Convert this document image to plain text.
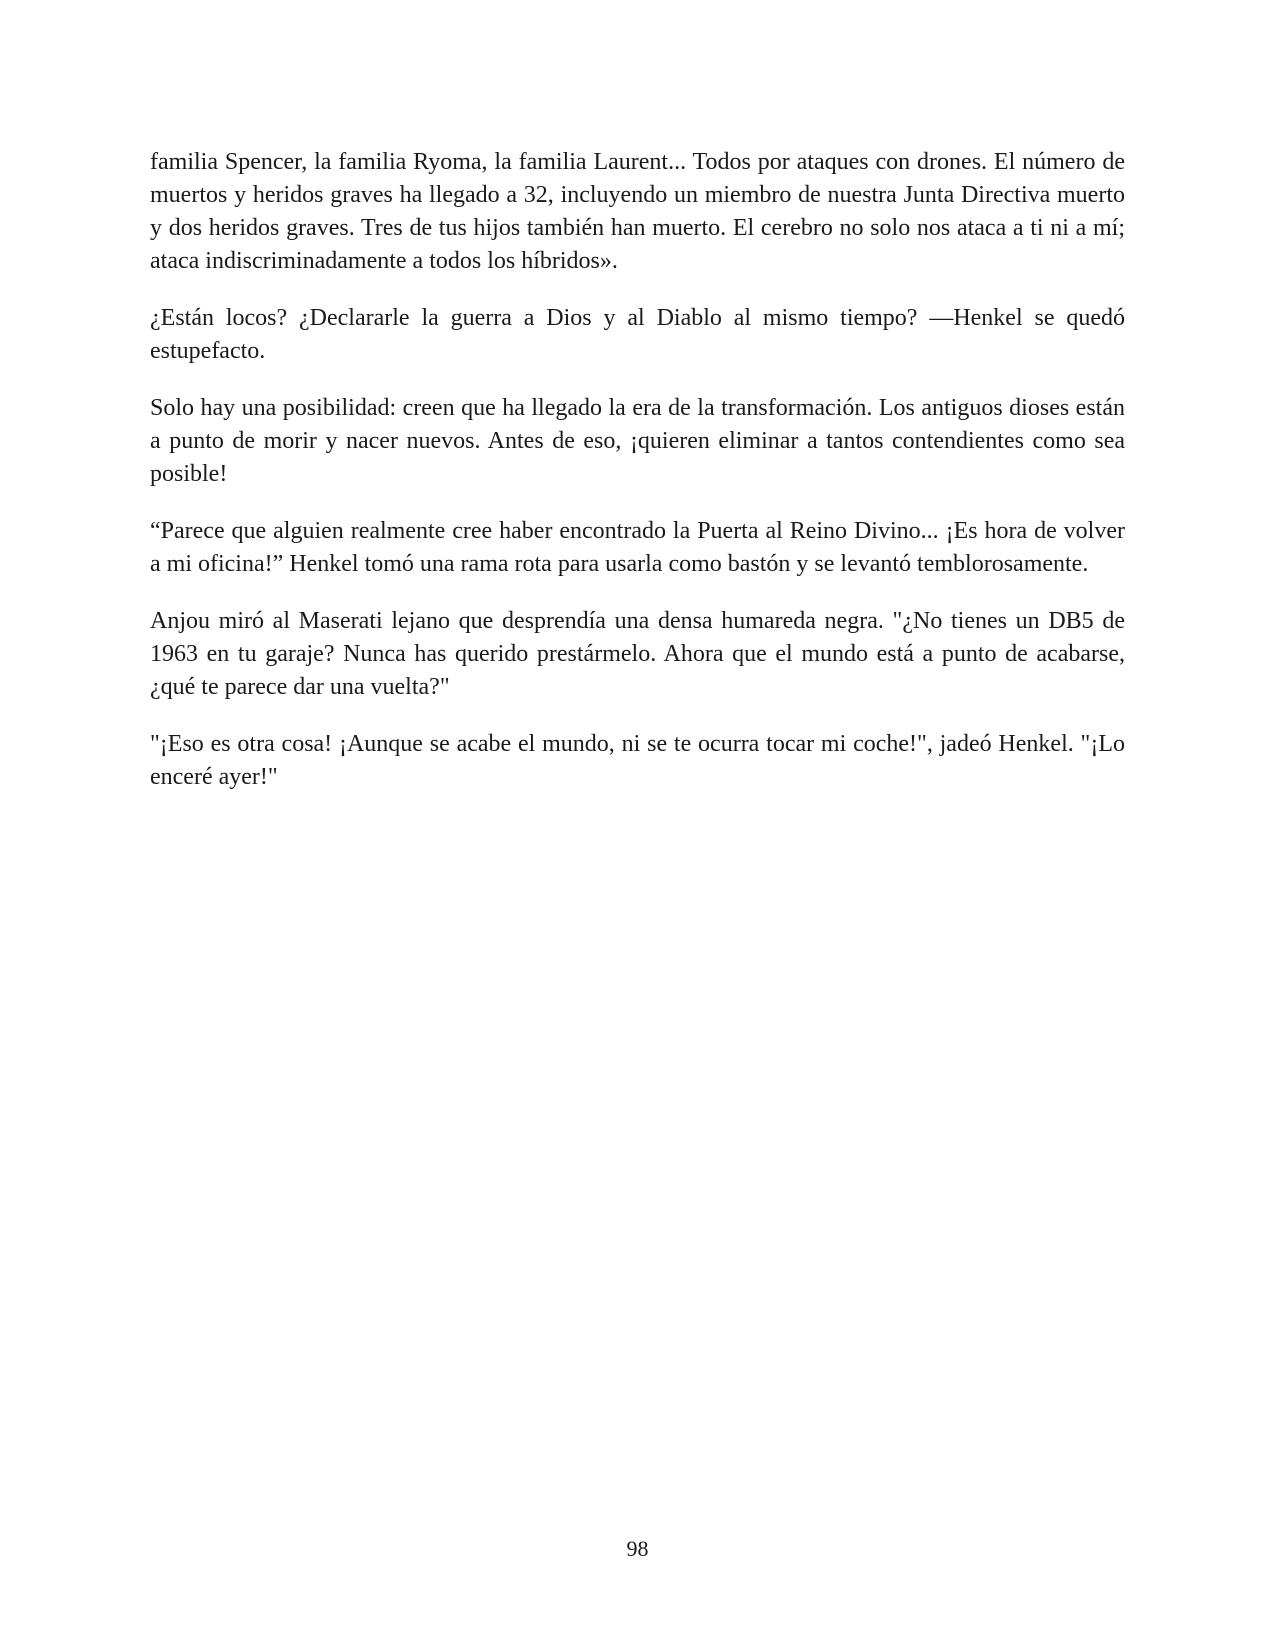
familia Spencer, la familia Ryoma, la familia Laurent... Todos por ataques con drones. El número de muertos y heridos graves ha llegado a 32, incluyendo un miembro de nuestra Junta Directiva muerto y dos heridos graves. Tres de tus hijos también han muerto. El cerebro no solo nos ataca a ti ni a mí; ataca indiscriminadamente a todos los híbridos».

¿Están locos? ¿Declararle la guerra a Dios y al Diablo al mismo tiempo? —Henkel se quedó estupefacto.

Solo hay una posibilidad: creen que ha llegado la era de la transformación. Los antiguos dioses están a punto de morir y nacer nuevos. Antes de eso, ¡quieren eliminar a tantos contendientes como sea posible!

“Parece que alguien realmente cree haber encontrado la Puerta al Reino Divino... ¡Es hora de volver a mi oficina!” Henkel tomó una rama rota para usarla como bastón y se levantó temblorosamente.

Anjou miró al Maserati lejano que desprendía una densa humareda negra. "¿No tienes un DB5 de 1963 en tu garaje? Nunca has querido prestármelo. Ahora que el mundo está a punto de acabarse, ¿qué te parece dar una vuelta?"

"¡Eso es otra cosa! ¡Aunque se acabe el mundo, ni se te ocurra tocar mi coche!", jadeó Henkel. "¡Lo enceré ayer!"

98
